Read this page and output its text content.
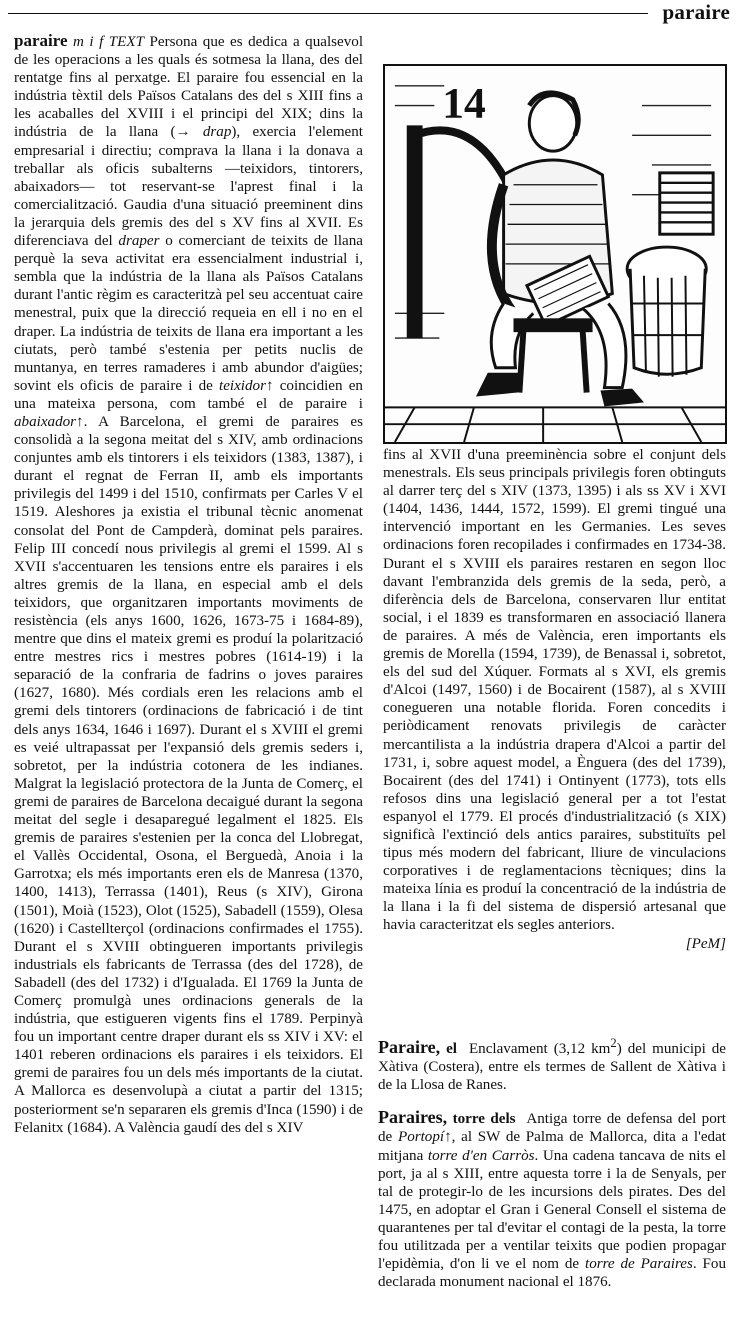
paraire

paraire m i f TEXT Persona que es dedica a qualsevol de les operacions a les quals és sotmesa la llana, des del rentatge fins al perxatge. El paraire fou essencial en la indústria tèxtil dels Països Catalans des del s XIII fins a les acaballes del XVIII i el principi del XIX; dins la indústria de la llana (→ drap), exercia l'element empresarial i directiu; comprava la llana i la donava a treballar als oficis subalterns —teixidors, tintorers, abaixadors— tot reservant-se l'aprest final i la comercialització. Gaudia d'una situació preeminent dins la jerarquia dels gremis des del s XV fins al XVII. Es diferenciava del draper o comerciant de teixits de llana perquè la seva activitat era essencialment industrial i, sembla que la indústria de la llana als Països Catalans durant l'antic règim es caracteritzà pel seu accentuat caire menestral, puix que la direcció requeia en ell i no en el draper. La indústria de teixits de llana era important a les ciutats, però també s'estenia per petits nuclis de muntanya, en terres ramaderes i amb abundor d'aigües; sovint els oficis de paraire i de teixidor↑ coincidien en una mateixa persona, com també el de paraire i abaixador↑. A Barcelona, el gremi de paraires es consolidà a la segona meitat del s XIV, amb ordinacions conjuntes amb els tintorers i els teixidors (1383, 1387), i durant el regnat de Ferran II, amb els importants privilegis del 1499 i del 1510, confirmats per Carles V el 1519. Aleshores ja existia el tribunal tècnic anomenat consolat del Pont de Campderà, dominat pels paraires. Felip III concedí nous privilegis al gremi el 1599. Al s XVII s'accentuaren les tensions entre els paraires i els altres gremis de la llana, en especial amb el dels teixidors, que organitzaren importants moviments de resistència (els anys 1600, 1626, 1673-75 i 1684-89), mentre que dins el mateix gremi es produí la polarització entre mestres rics i mestres pobres (1614-19) i la separació de la confraria de fadrins o joves paraires (1627, 1680). Més cordials eren les relacions amb el gremi dels tintorers (ordinacions de fabricació i de tint dels anys 1634, 1646 i 1697). Durant el s XVIII el gremi es veié ultrapassat per l'expansió dels gremis seders i, sobretot, per la indústria cotonera de les indianes. Malgrat la legislació protectora de la Junta de Comerç, el gremi de paraires de Barcelona decaigué durant la segona meitat del segle i desaparegué legalment el 1825. Els gremis de paraires s'estenien per la conca del Llobregat, el Vallès Occidental, Osona, el Berguedà, Anoia i la Garrotxa; els més importants eren els de Manresa (1370, 1400, 1413), Terrassa (1401), Reus (s XIV), Girona (1501), Moià (1523), Olot (1525), Sabadell (1559), Olesa (1620) i Castellterçol (ordinacions confirmades el 1755). Durant el s XVIII obtingueren importants privilegis industrials els fabricants de Terrassa (des del 1728), de Sabadell (des del 1732) i d'Igualada. El 1769 la Junta de Comerç promulgà unes ordinacions generals de la indústria, que estigueren vigents fins el 1789. Perpinyà fou un important centre draper durant els ss XIV i XV: el 1401 reberen ordinacions els paraires i els teixidors. El gremi de paraires fou un dels més importants de la ciutat. A Mallorca es desenvolupà a ciutat a partir del 1315; posteriorment se'n separaren els gremis d'Inca (1590) i de Felanitx (1684). A València gaudí des del s XIV

14

fins al XVII d'una preeminència sobre el conjunt dels menestrals. Els seus principals privilegis foren obtinguts al darrer terç del s XIV (1373, 1395) i als ss XV i XVI (1404, 1436, 1444, 1572, 1599). El gremi tingué una intervenció important en les Germanies. Les seves ordinacions foren recopilades i confirmades en 1734-38. Durant el s XVIII els paraires restaren en segon lloc davant l'embranzida dels gremis de la seda, però, a diferència dels de Barcelona, conservaren llur entitat social, i el 1839 es transformaren en associació llanera de paraires. A més de València, eren importants els gremis de Morella (1594, 1739), de Benassal i, sobretot, els del sud del Xúquer. Formats al s XVI, els gremis d'Alcoi (1497, 1560) i de Bocairent (1587), al s XVIII conegueren una notable florida. Foren concedits i periòdicament renovats privilegis de caràcter mercantilista a la indústria drapera d'Alcoi a partir del 1731, i, sobre aquest model, a Ènguera (des del 1739), Bocairent (des del 1741) i Ontinyent (1773), tots ells refosos dins una legislació general per a tot l'estat espanyol el 1779. El procés d'industrialització (s XIX) significà l'extinció dels antics paraires, substituïts pel tipus més modern del fabricant, lliure de vinculacions corporatives i de reglamentacions tècniques; dins la mateixa línia es produí la concentració de la indústria de la llana i la fi del sistema de dispersió artesanal que havia caracteritzat els segles anteriors.

[PeM]

Paraire, el Enclavament (3,12 $km^2$) del municipi de Xàtiva (Costera), entre els termes de Sallent de Xàtiva i de la Llosa de Ranes.

Paraires, torre dels Antiga torre de defensa del port de Portopí↑, al SW de Palma de Mallorca, dita a l'edat mitjana torre d'en Carròs. Una cadena tancava de nits el port, ja al s XIII, entre aquesta torre i la de Senyals, per tal de protegir-lo de les incursions dels pirates. Des del 1475, en adoptar el Gran i General Consell el sistema de quarantenes per tal d'evitar el contagi de la pesta, la torre fou utilitzada per a ventilar teixits que podien propagar l'epidèmia, d'on li ve el nom de torre de Paraires. Fou declarada monument nacional el 1876.
